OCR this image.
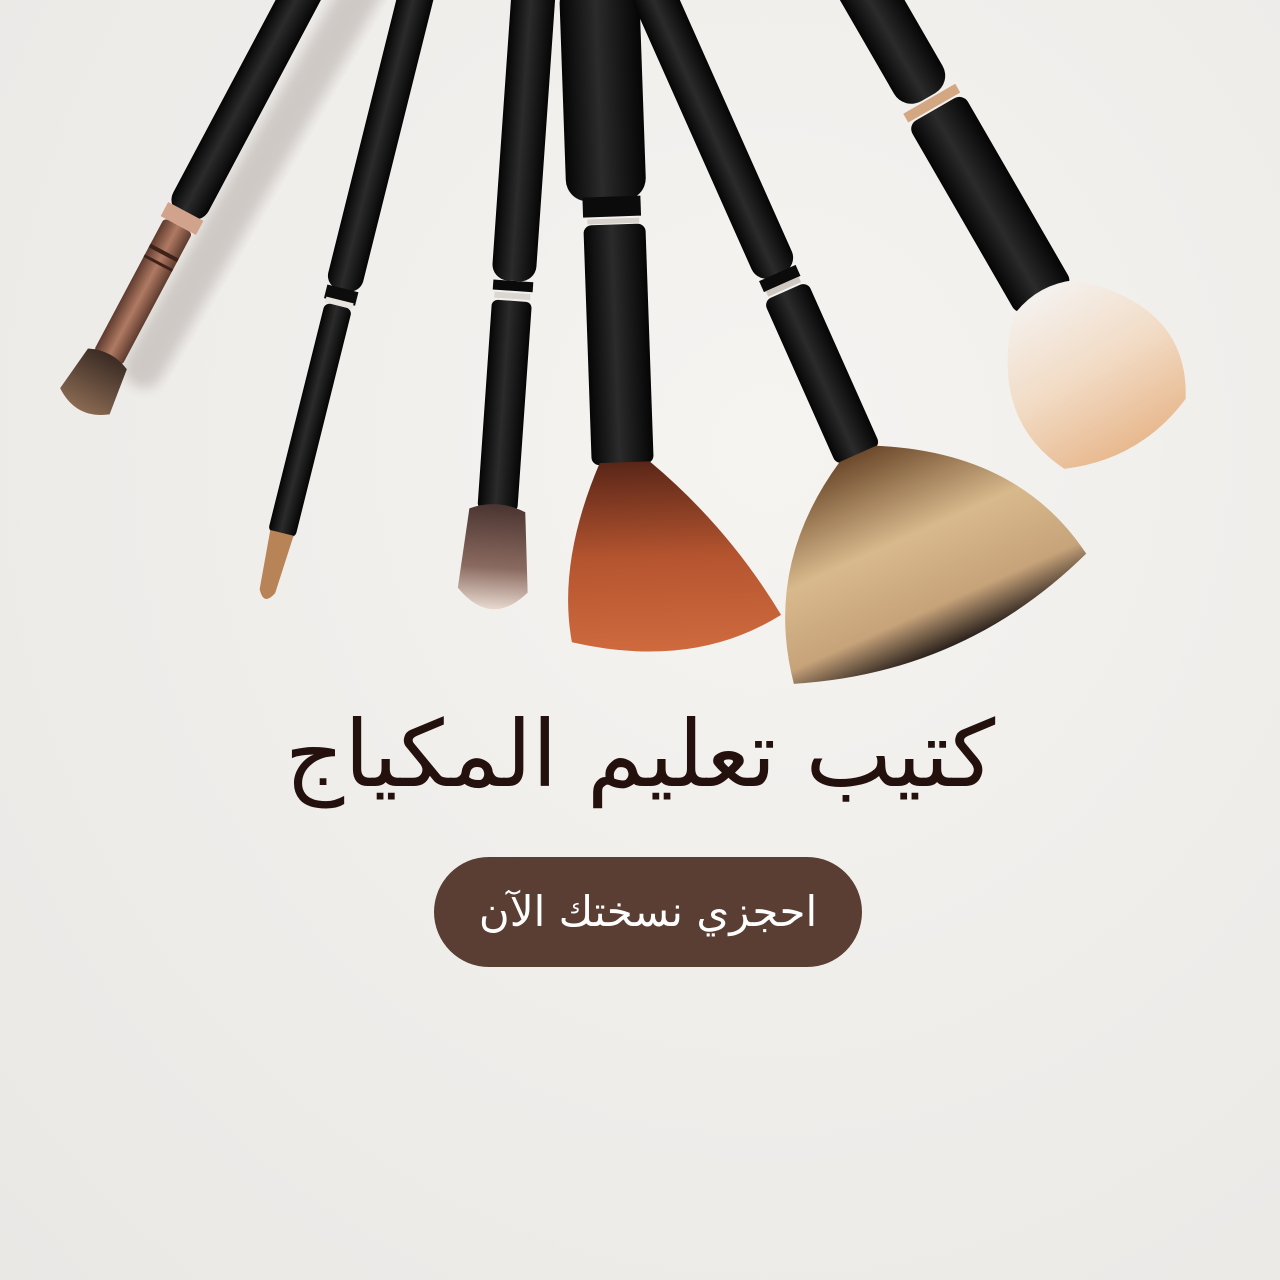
كتيب تعليم المكياج
احجزي نسختك الآن
